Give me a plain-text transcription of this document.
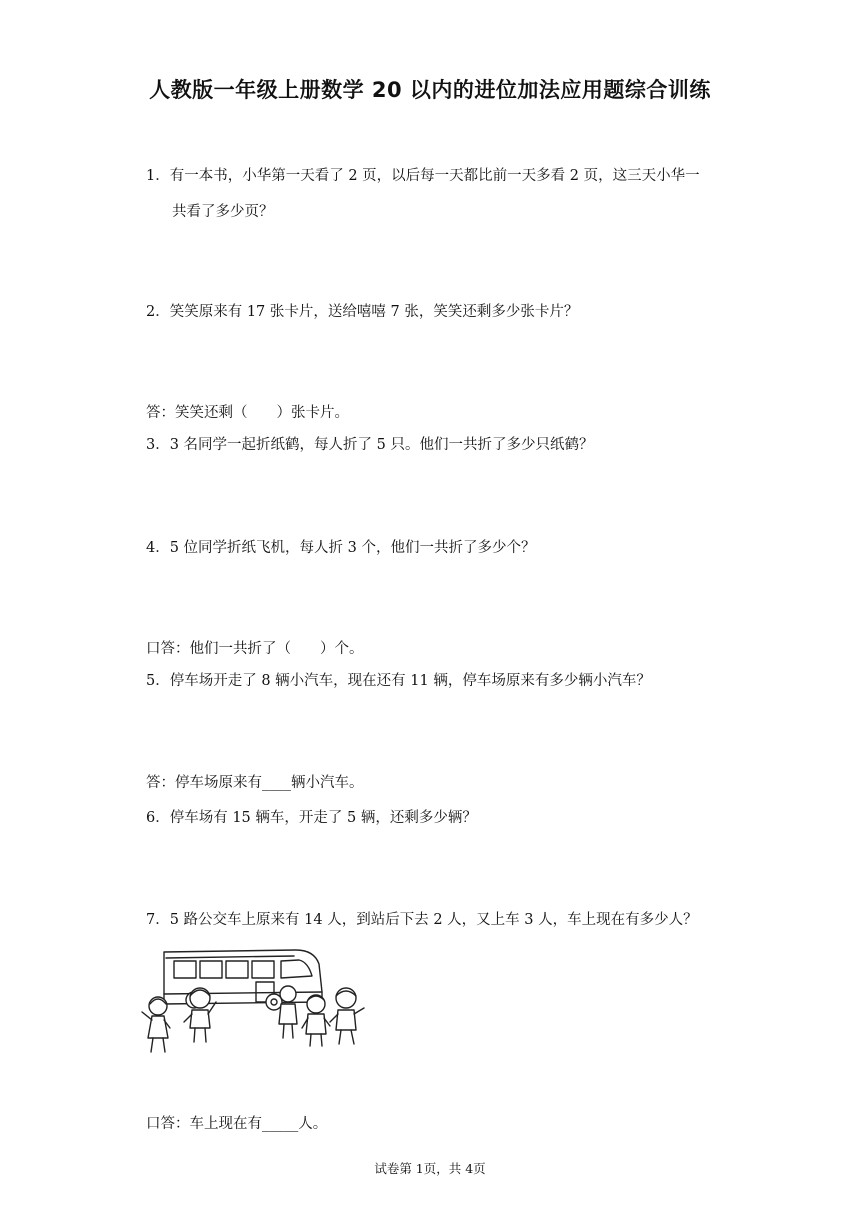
人教版一年级上册数学 20 以内的进位加法应用题综合训练
1．有一本书，小华第一天看了 2 页，以后每一天都比前一天多看 2 页，这三天小华一
共看了多少页？
2．笑笑原来有 17 张卡片，送给嘻嘻 7 张，笑笑还剩多少张卡片？
答：笑笑还剩（　　）张卡片。
3．3 名同学一起折纸鹤，每人折了 5 只。他们一共折了多少只纸鹤？
4．5 位同学折纸飞机，每人折 3 个，他们一共折了多少个？
口答：他们一共折了（　　）个。
5．停车场开走了 8 辆小汽车，现在还有 11 辆，停车场原来有多少辆小汽车？
答：停车场原来有____辆小汽车。
6．停车场有 15 辆车，开走了 5 辆，还剩多少辆？
7．5 路公交车上原来有 14 人，到站后下去 2 人，又上车 3 人，车上现在有多少人？
口答：车上现在有_____人。
试卷第 1页，共 4页
